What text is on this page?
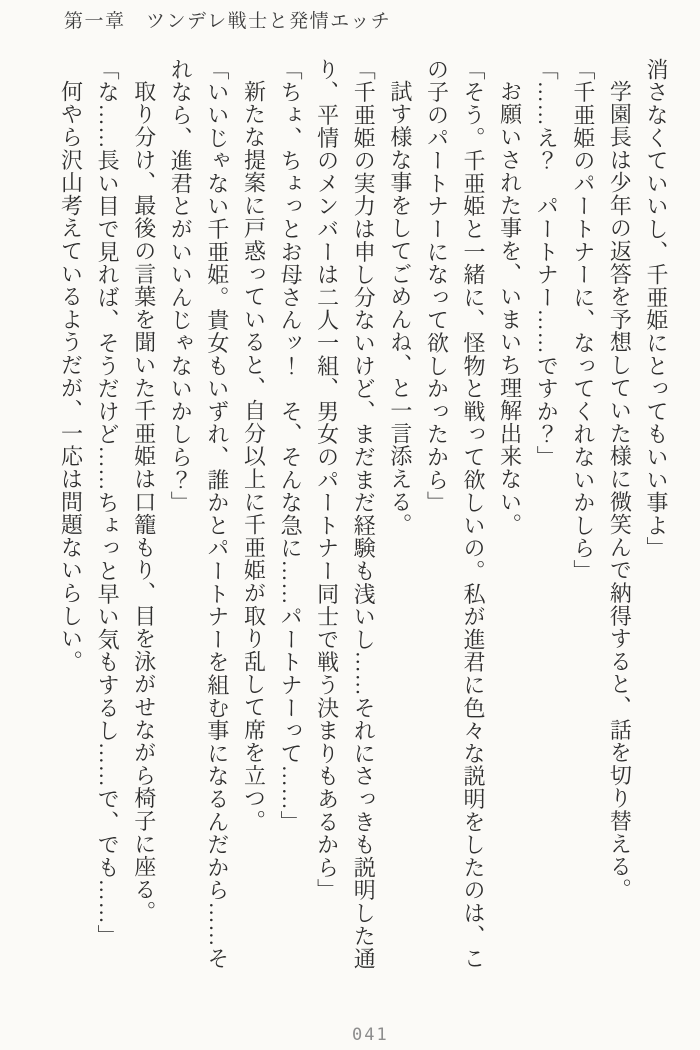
第一章　ツンデレ戦士と発情エッチ

消さなくていいし、千亜姫にとってもいい事よ」

学園長は少年の返答を予想していた様に微笑んで納得すると、話を切り替える。

「千亜姫のパートナーに、なってくれないかしら」

「……え？　パートナー……ですか？」

お願いされた事を、いまいち理解出来ない。

「そう。千亜姫と一緒に、怪物と戦って欲しいの。私が進君に色々な説明をしたのは、こ

の子のパートナーになって欲しかったから」

試す様な事をしてごめんね、と一言添える。

「千亜姫の実力は申し分ないけど、まだまだ経験も浅いし……それにさっきも説明した通

り、平情のメンバーは二人一組、男女のパートナー同士で戦う決まりもあるから」

「ちょ、ちょっとお母さんッ！　そ、そんな急に……パートナーって……」

新たな提案に戸惑っていると、自分以上に千亜姫が取り乱して席を立つ。

「いいじゃない千亜姫。貴女もいずれ、誰かとパートナーを組む事になるんだから……そ

れなら、進君とがいいんじゃないかしら？」

取り分け、最後の言葉を聞いた千亜姫は口籠もり、目を泳がせながら椅子に座る。

「な……長い目で見れば、そうだけど……ちょっと早い気もするし……で、でも……」

何やら沢山考えているようだが、一応は問題ないらしい。

041
